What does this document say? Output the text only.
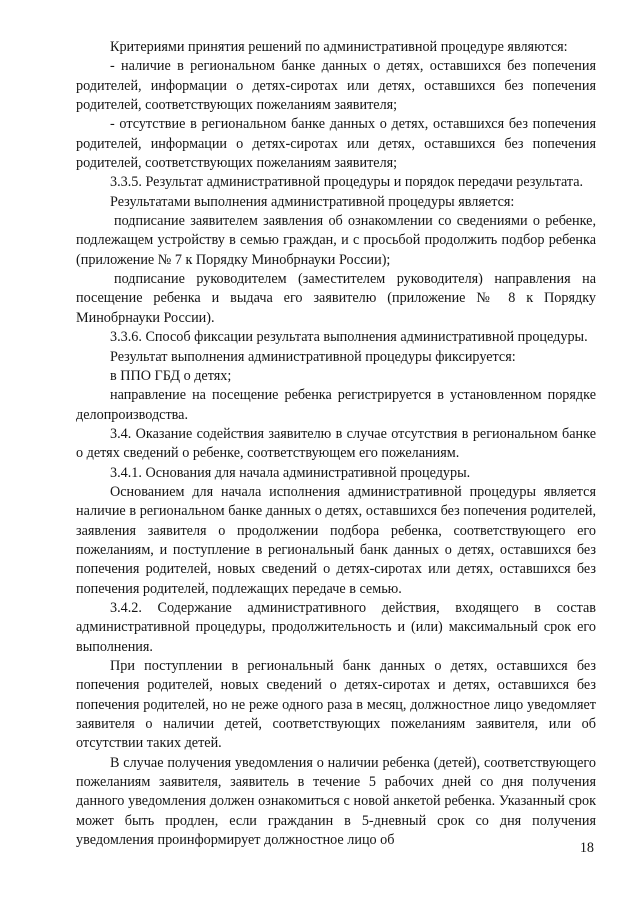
Критериями принятия решений по административной процедуре являются:

- наличие в региональном банке данных о детях, оставшихся без попечения родителей, информации о детях-сиротах или детях, оставшихся без попечения родителей, соответствующих пожеланиям заявителя;

- отсутствие в региональном банке данных о детях, оставшихся без попечения родителей, информации о детях-сиротах или детях, оставшихся без попечения родителей, соответствующих пожеланиям заявителя;

3.3.5. Результат административной процедуры и порядок передачи результата.

Результатами выполнения административной процедуры является:

подписание заявителем заявления об ознакомлении со сведениями о ребенке, подлежащем устройству в семью граждан, и с просьбой продолжить подбор ребенка (приложение № 7 к Порядку Минобрнауки России);

подписание руководителем (заместителем руководителя) направления на посещение ребенка и выдача его заявителю (приложение № 8 к Порядку Минобрнауки России).

3.3.6. Способ фиксации результата выполнения административной процедуры.

Результат выполнения административной процедуры фиксируется:

в ППО ГБД о детях;

направление на посещение ребенка регистрируется в установленном порядке делопроизводства.

3.4. Оказание содействия заявителю в случае отсутствия в региональном банке о детях сведений о ребенке, соответствующем его пожеланиям.

3.4.1. Основания для начала административной процедуры.

Основанием для начала исполнения административной процедуры является наличие в региональном банке данных о детях, оставшихся без попечения родителей, заявления заявителя о продолжении подбора ребенка, соответствующего его пожеланиям, и поступление в региональный банк данных о детях, оставшихся без попечения родителей, новых сведений о детях-сиротах или детях, оставшихся без попечения родителей, подлежащих передаче в семью.

3.4.2. Содержание административного действия, входящего в состав административной процедуры, продолжительность и (или) максимальный срок его выполнения.

При поступлении в региональный банк данных о детях, оставшихся без попечения родителей, новых сведений о детях-сиротах и детях, оставшихся без попечения родителей, но не реже одного раза в месяц, должностное лицо уведомляет заявителя о наличии детей, соответствующих пожеланиям заявителя, или об отсутствии таких детей.

В случае получения уведомления о наличии ребенка (детей), соответствующего пожеланиям заявителя, заявитель в течение 5 рабочих дней со дня получения данного уведомления должен ознакомиться с новой анкетой ребенка. Указанный срок может быть продлен, если гражданин в 5-дневный срок со дня получения уведомления проинформирует должностное лицо об	18
